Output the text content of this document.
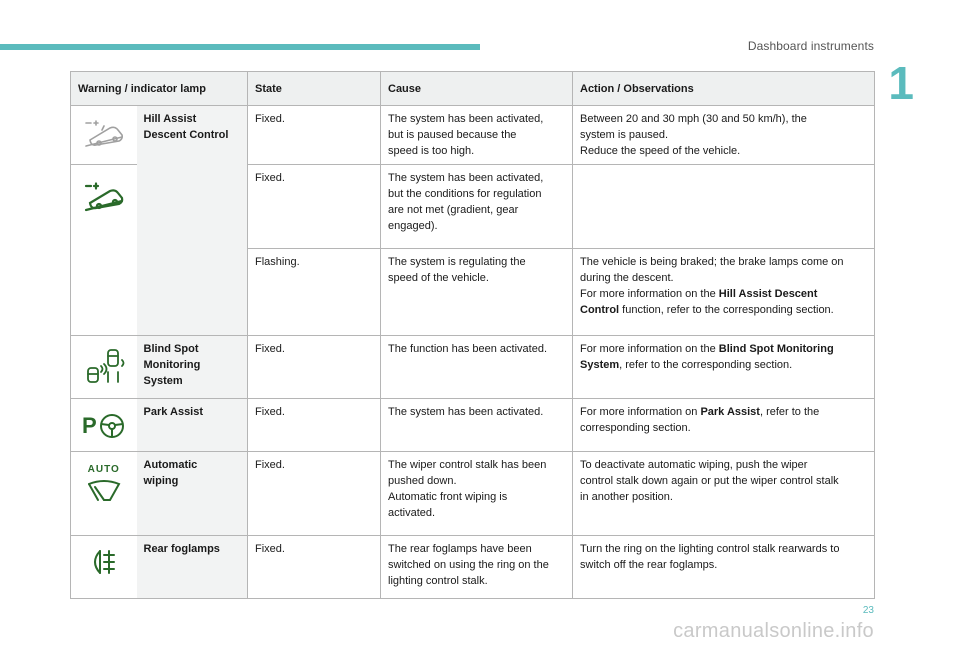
Dashboard instruments
1
Warning / indicator lamp		State	Cause	Action / Observations

Hill Assist
Descent Control	Fixed.	The system has been activated,
but is paused because the
speed is too high.	Between 20 and 30 mph (30 and 50 km/h), the
system is paused.
Reduce the speed of the vehicle.

Fixed.	The system has been activated,
but the conditions for regulation
are not met (gradient, gear
engaged).	

		Flashing.	The system is regulating the
speed of the vehicle.	The vehicle is being braked; the brake lamps come on
during the descent.
For more information on the Hill Assist Descent
Control function, refer to the corresponding section.

Blind Spot
Monitoring
System	Fixed.	The function has been activated.	For more information on the Blind Spot Monitoring
System, refer to the corresponding section.

P	Park Assist	Fixed.	The system has been activated.	For more information on Park Assist, refer to the
corresponding section.

AUTO	Automatic
wiping	Fixed.	The wiper control stalk has been
pushed down.
Automatic front wiping is
activated.	To deactivate automatic wiping, push the wiper
control stalk down again or put the wiper control stalk
in another position.

Rear foglamps	Fixed.	The rear foglamps have been
switched on using the ring on the
lighting control stalk.	Turn the ring on the lighting control stalk rearwards to
switch off the rear foglamps.
23
carmanualsonline.info
